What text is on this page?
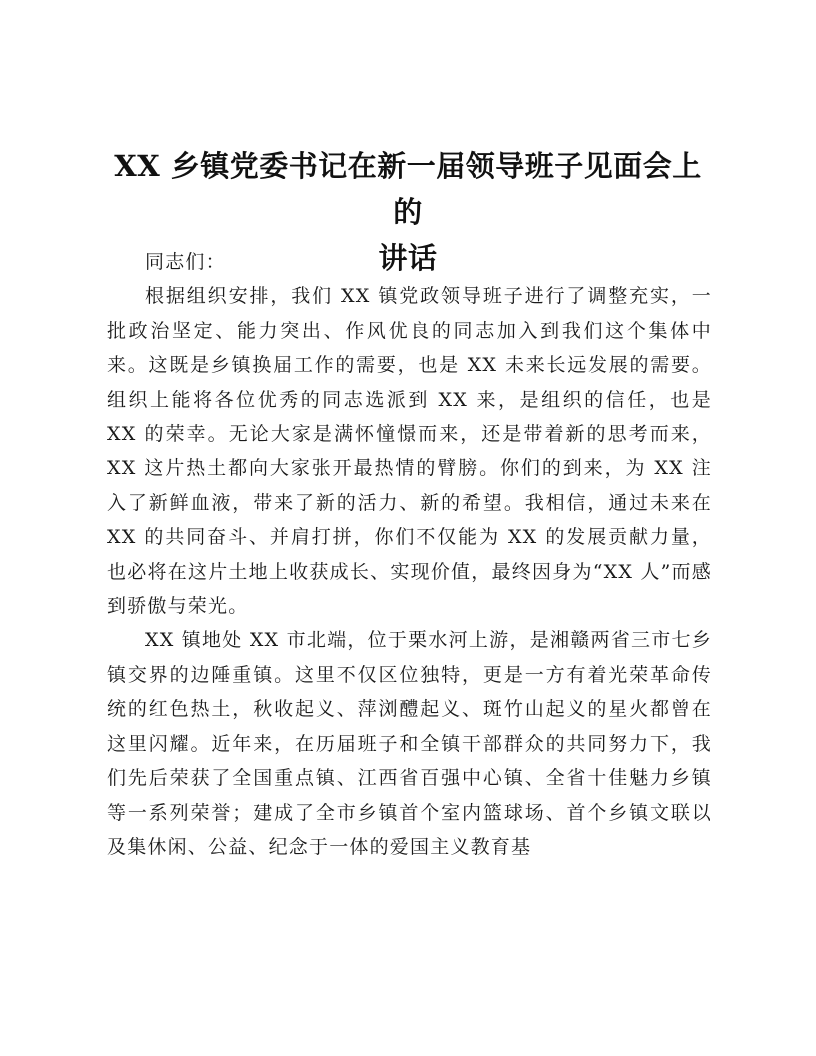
XX 乡镇党委书记在新一届领导班子见面会上的
讲话

同志们：

根据组织安排，我们 XX 镇党政领导班子进行了调整充实，一批政治坚定、能力突出、作风优良的同志加入到我们这个集体中来。这既是乡镇换届工作的需要，也是 XX 未来长远发展的需要。组织上能将各位优秀的同志选派到 XX 来，是组织的信任，也是 XX 的荣幸。无论大家是满怀憧憬而来，还是带着新的思考而来，XX 这片热土都向大家张开最热情的臂膀。你们的到来，为 XX 注入了新鲜血液，带来了新的活力、新的希望。我相信，通过未来在 XX 的共同奋斗、并肩打拼，你们不仅能为 XX 的发展贡献力量，也必将在这片土地上收获成长、实现价值，最终因身为“XX 人”而感到骄傲与荣光。

XX 镇地处 XX 市北端，位于栗水河上游，是湘赣两省三市七乡镇交界的边陲重镇。这里不仅区位独特，更是一方有着光荣革命传统的红色热土，秋收起义、萍浏醴起义、斑竹山起义的星火都曾在这里闪耀。近年来，在历届班子和全镇干部群众的共同努力下，我们先后荣获了全国重点镇、江西省百强中心镇、全省十佳魅力乡镇等一系列荣誉；建成了全市乡镇首个室内篮球场、首个乡镇文联以及集休闲、公益、纪念于一体的爱国主义教育基
